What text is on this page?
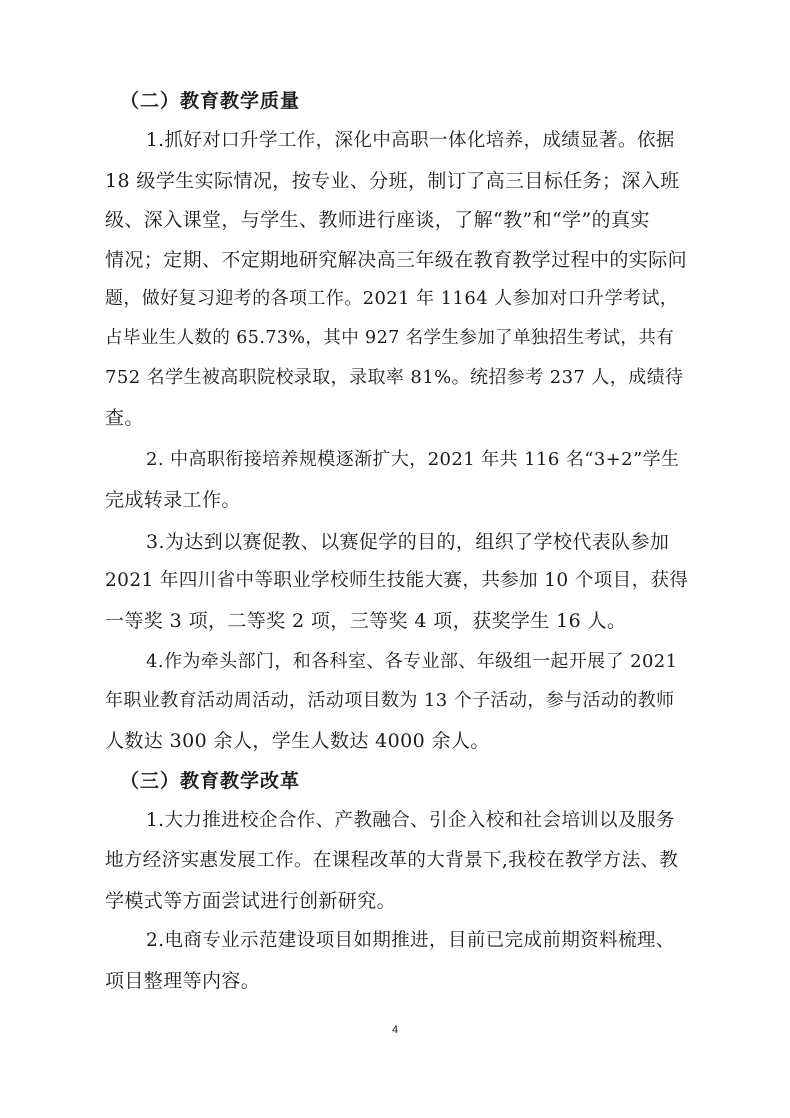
（二）教育教学质量
1.抓好对口升学工作，深化中高职一体化培养，成绩显著。依据
18 级学生实际情况，按专业、分班，制订了高三目标任务；深入班
级、深入课堂，与学生、教师进行座谈，了解“教”和“学”的真实
情况；定期、不定期地研究解决高三年级在教育教学过程中的实际问
题，做好复习迎考的各项工作。2021 年 1164 人参加对口升学考试，
占毕业生人数的 65.73%，其中 927 名学生参加了单独招生考试，共有
752 名学生被高职院校录取，录取率 81%。统招参考 237 人，成绩待
查。
2. 中高职衔接培养规模逐渐扩大，2021 年共 116 名“3+2”学生
完成转录工作。
3.为达到以赛促教、以赛促学的目的，组织了学校代表队参加
2021 年四川省中等职业学校师生技能大赛，共参加 10 个项目，获得
一等奖 3 项，二等奖 2 项，三等奖 4 项，获奖学生 16 人。
4.作为牵头部门，和各科室、各专业部、年级组一起开展了 2021
年职业教育活动周活动，活动项目数为 13 个子活动，参与活动的教师
人数达 300 余人，学生人数达 4000 余人。
（三）教育教学改革
1.大力推进校企合作、产教融合、引企入校和社会培训以及服务
地方经济实惠发展工作。在课程改革的大背景下,我校在教学方法、教
学模式等方面尝试进行创新研究。
2.电商专业示范建设项目如期推进，目前已完成前期资料梳理、
项目整理等内容。
4
